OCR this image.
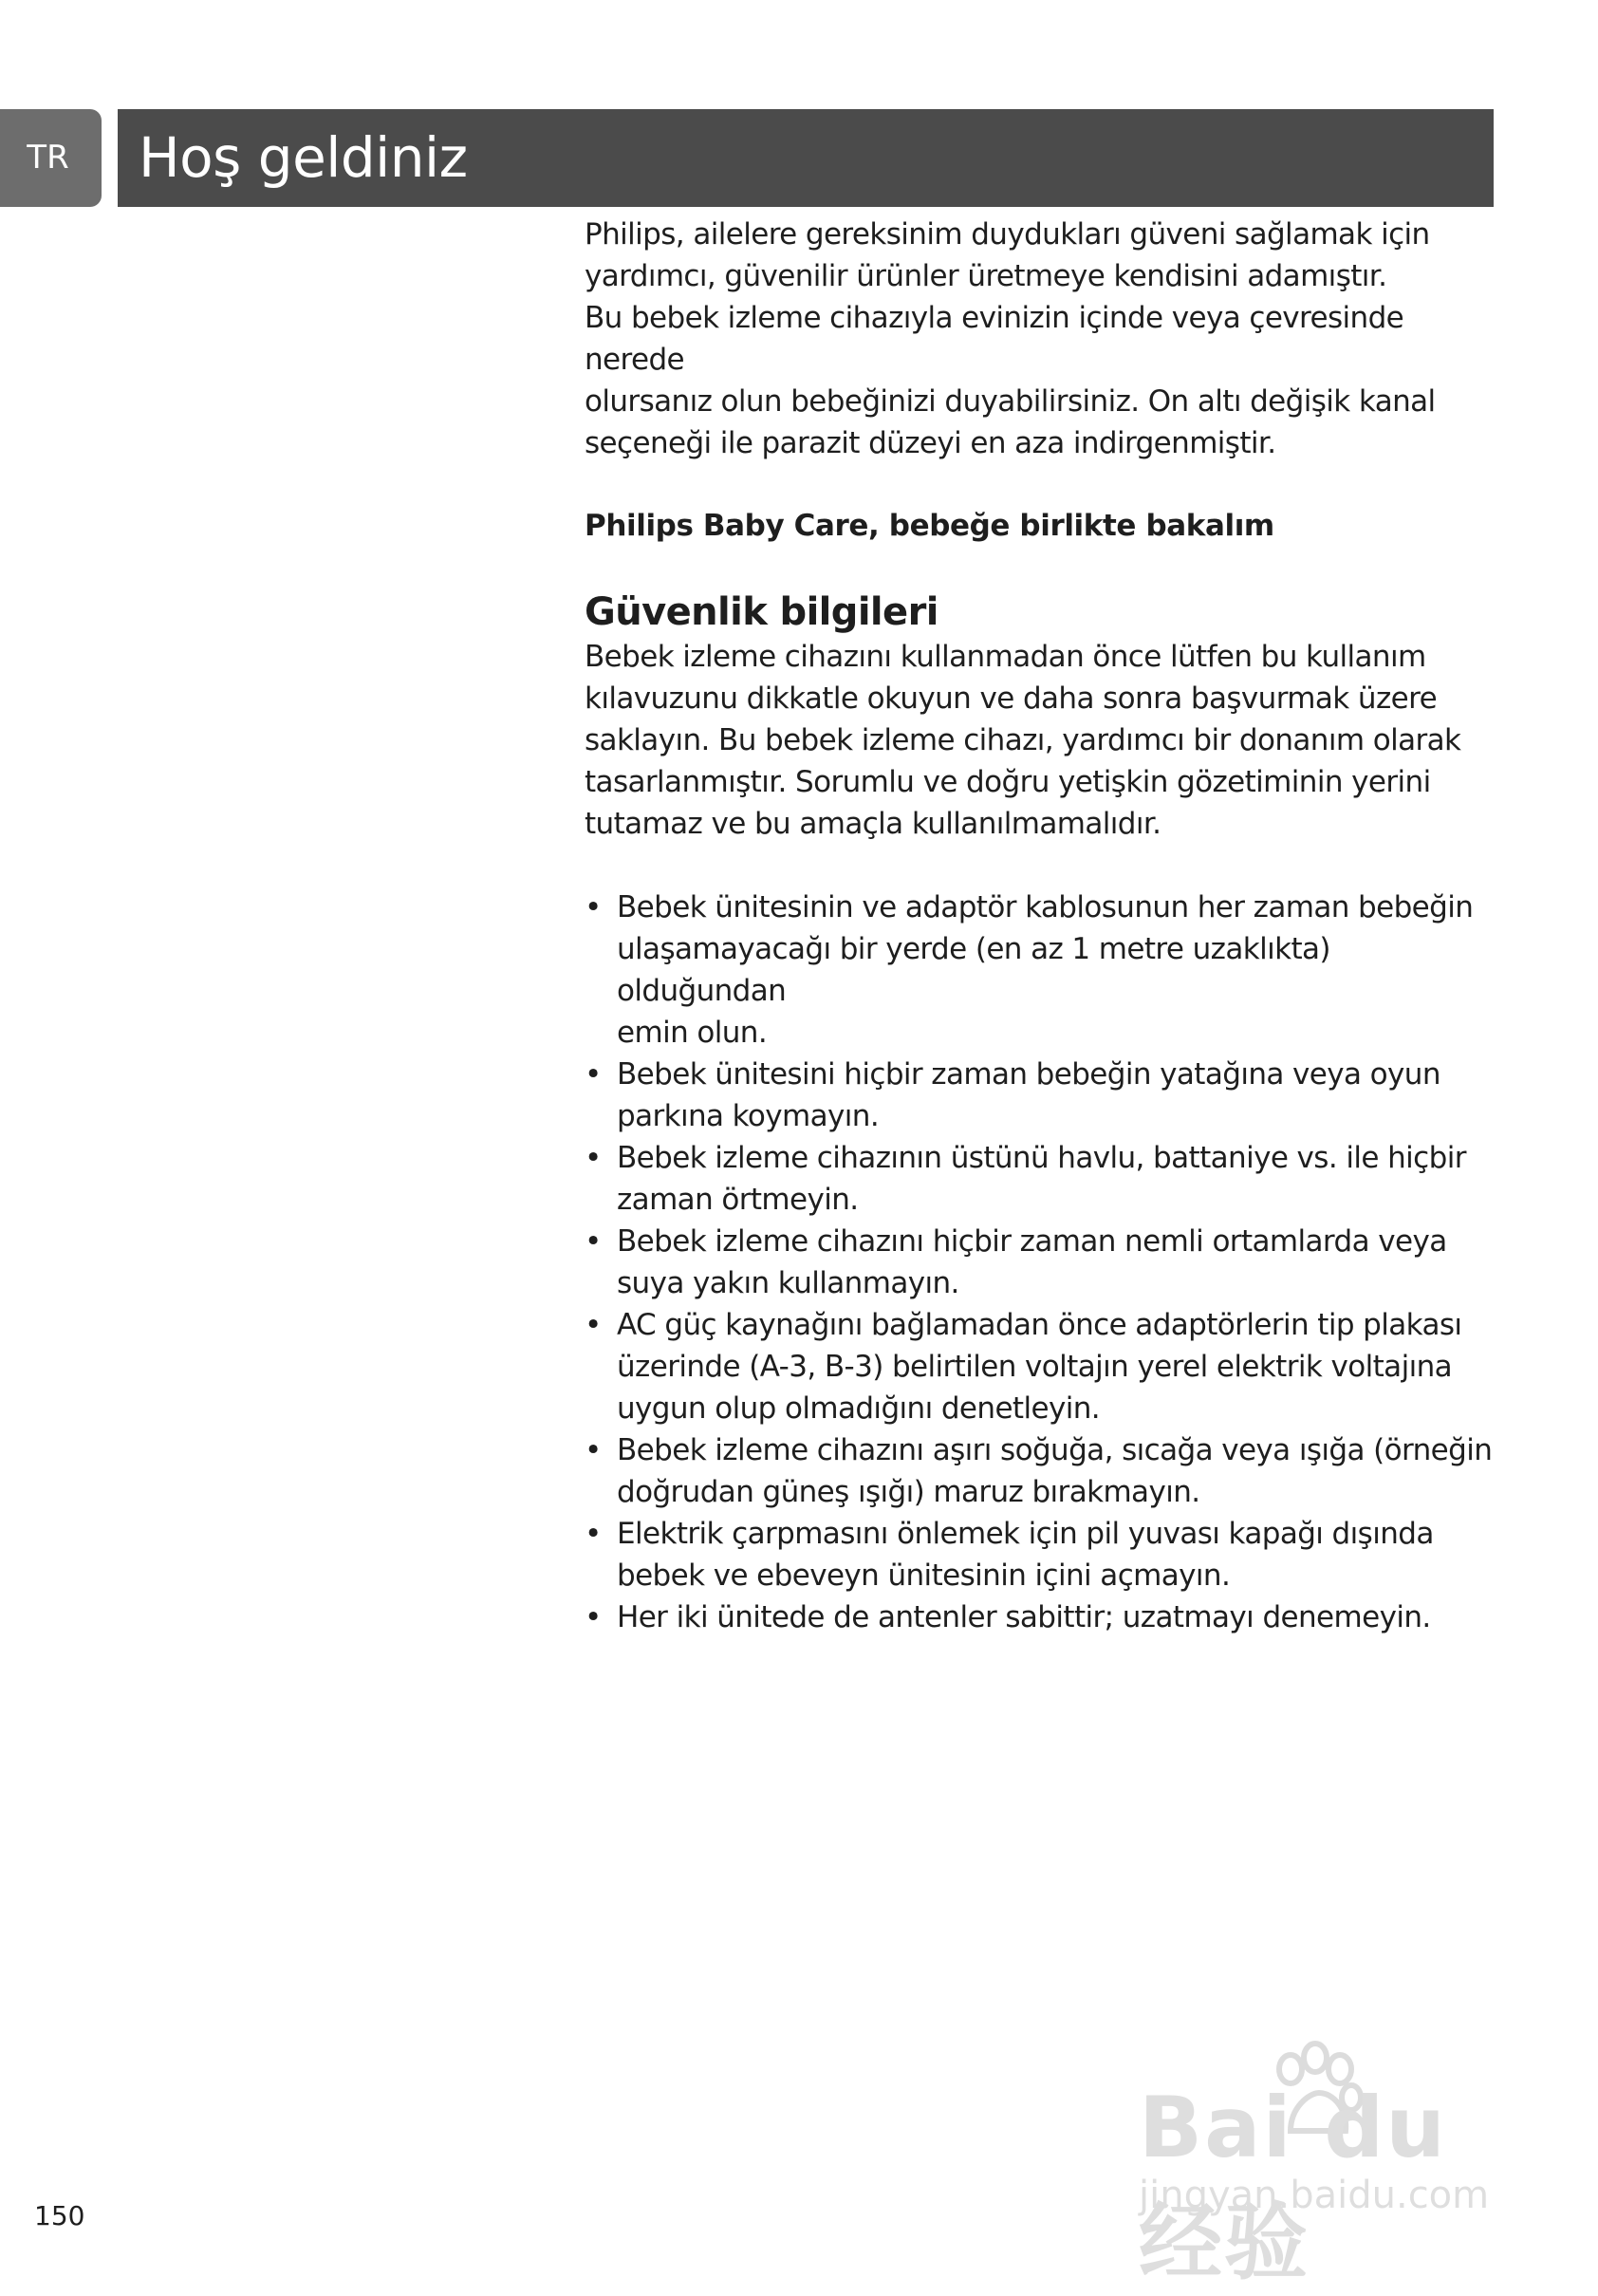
TR	Hoş geldiniz

Philips, ailelere gereksinim duydukları güveni sağlamak için

yardımcı, güvenilir ürünler üretmeye kendisini adamıştır.

Bu bebek izleme cihazıyla evinizin içinde veya çevresinde nerede

olursanız olun bebeğinizi duyabilirsiniz. On altı değişik kanal

seçeneği ile parazit düzeyi en aza indirgenmiştir.

Philips Baby Care, bebeğe birlikte bakalım

Güvenlik bilgileri

Bebek izleme cihazını kullanmadan önce lütfen bu kullanım

kılavuzunu dikkatle okuyun ve daha sonra başvurmak üzere

saklayın. Bu bebek izleme cihazı, yardımcı bir donanım olarak

tasarlanmıştır. Sorumlu ve doğru yetişkin gözetiminin yerini

tutamaz ve bu amaçla kullanılmamalıdır.

• Bebek ünitesinin ve adaptör kablosunun her zaman bebeğin
ulaşamayacağı bir yerde (en az 1 metre uzaklıkta) olduğundan
emin olun.
• Bebek ünitesini hiçbir zaman bebeğin yatağına veya oyun
parkına koymayın.
• Bebek izleme cihazının üstünü havlu, battaniye vs. ile hiçbir
zaman örtmeyin.
• Bebek izleme cihazını hiçbir zaman nemli ortamlarda veya
suya yakın kullanmayın.
• AC güç kaynağını bağlamadan önce adaptörlerin tip plakası
üzerinde (A-3, B-3) belirtilen voltajın yerel elektrik voltajına
uygun olup olmadığını denetleyin.
• Bebek izleme cihazını aşırı soğuğa, sıcağa veya ışığa (örneğin
doğrudan güneş ışığı) maruz bırakmayın.
• Elektrik çarpmasını önlemek için pil yuvası kapağı dışında
bebek ve ebeveyn ünitesinin içini açmayın.
• Her iki ünitede de antenler sabittir; uzatmayı denemeyin.
150
Bai du 经验
jingyan.baidu.com
